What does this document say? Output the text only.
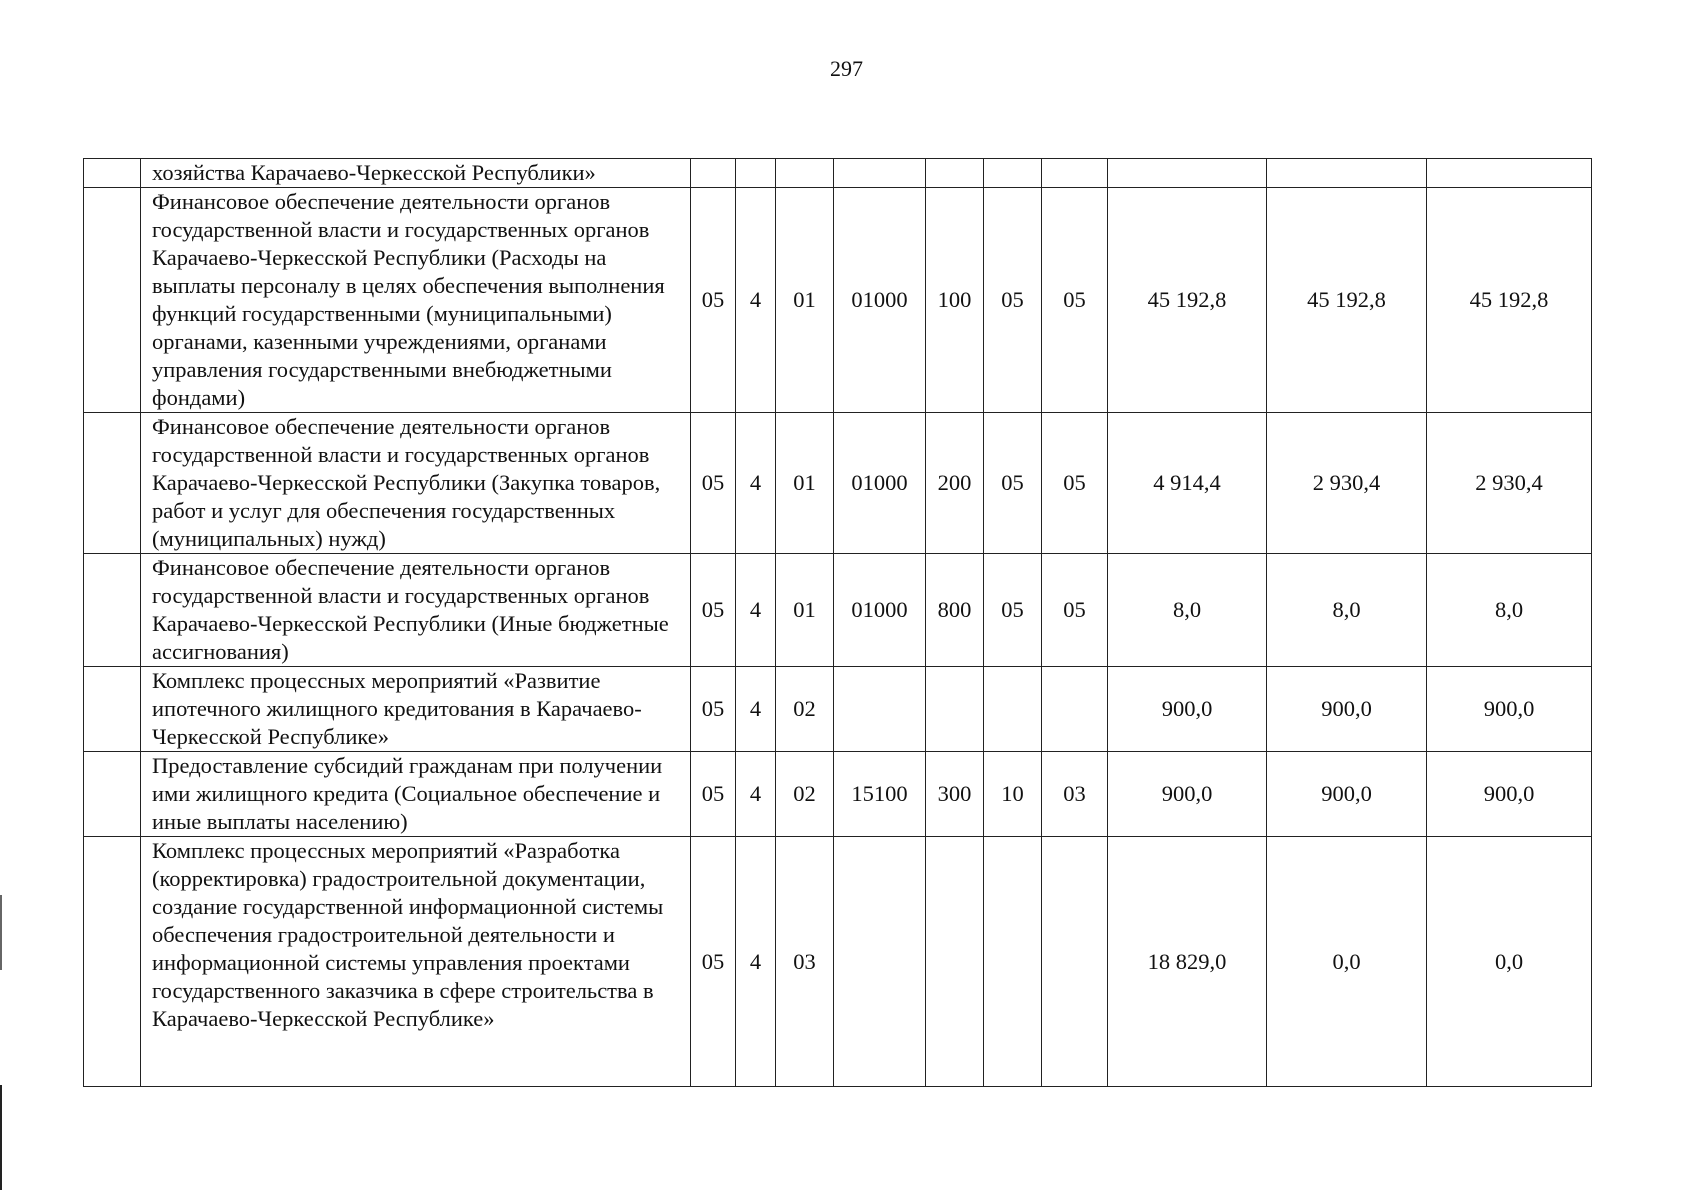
297
	хозяйства Карачаево-Черкесской Республики»										
	Финансовое обеспечение деятельности органов государственной власти и государственных органов Карачаево-Черкесской Республики (Расходы на выплаты персоналу в целях обеспечения выполнения функций государственными (муниципальными) органами, казенными учреждениями, органами управления государственными внебюджетными фондами)	05	4	01	01000	100	05	05	45 192,8	45 192,8	45 192,8
	Финансовое обеспечение деятельности органов государственной власти и государственных органов Карачаево-Черкесской Республики (Закупка товаров, работ и услуг для обеспечения государственных (муниципальных) нужд)	05	4	01	01000	200	05	05	4 914,4	2 930,4	2 930,4
	Финансовое обеспечение деятельности органов государственной власти и государственных органов Карачаево-Черкесской Республики (Иные бюджетные ассигнования)	05	4	01	01000	800	05	05	8,0	8,0	8,0
	Комплекс процессных мероприятий «Развитие ипотечного жилищного кредитования в Карачаево-Черкесской Республике»	05	4	02					900,0	900,0	900,0
	Предоставление субсидий гражданам при получении ими жилищного кредита (Социальное обеспечение и иные выплаты населению)	05	4	02	15100	300	10	03	900,0	900,0	900,0
	Комплекс процессных мероприятий «Разработка (корректировка) градостроительной документации, создание государственной информационной системы обеспечения градостроительной деятельности и информационной системы управления проектами государственного заказчика в сфере строительства в Карачаево-Черкесской Республике»	05	4	03					18 829,0	0,0	0,0
